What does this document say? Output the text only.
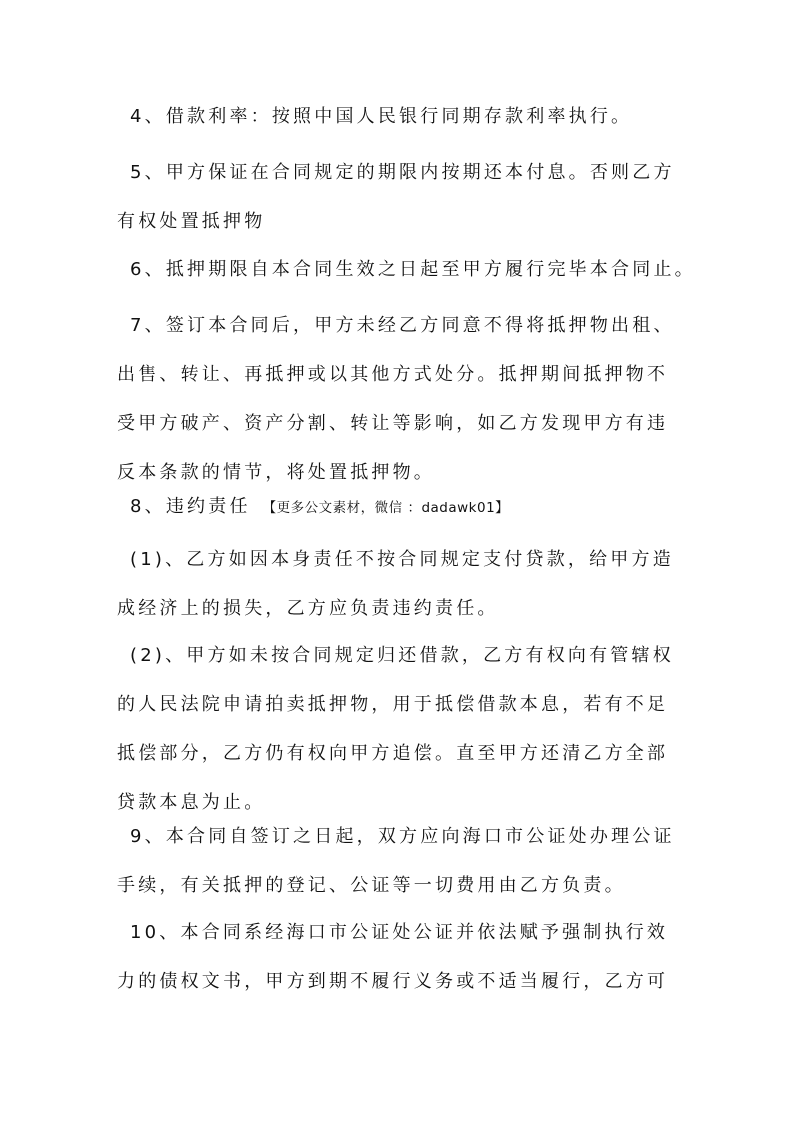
4、借款利率：按照中国人民银行同期存款利率执行。

5、甲方保证在合同规定的期限内按期还本付息。否则乙方
有权处置抵押物

6、抵押期限自本合同生效之日起至甲方履行完毕本合同止。

7、签订本合同后，甲方未经乙方同意不得将抵押物出租、
出售、转让、再抵押或以其他方式处分。抵押期间抵押物不
受甲方破产、资产分割、转让等影响，如乙方发现甲方有违
反本条款的情节，将处置抵押物。

8、违约责任 【更多公文素材，微信 ：dadawk01】

(1)、乙方如因本身责任不按合同规定支付贷款，给甲方造
成经济上的损失，乙方应负责违约责任。

(2)、甲方如未按合同规定归还借款，乙方有权向有管辖权
的人民法院申请拍卖抵押物，用于抵偿借款本息，若有不足
抵偿部分，乙方仍有权向甲方追偿。直至甲方还清乙方全部
贷款本息为止。

9、本合同自签订之日起，双方应向海口市公证处办理公证
手续，有关抵押的登记、公证等一切费用由乙方负责。

10、本合同系经海口市公证处公证并依法赋予强制执行效
力的债权文书，甲方到期不履行义务或不适当履行，乙方可
